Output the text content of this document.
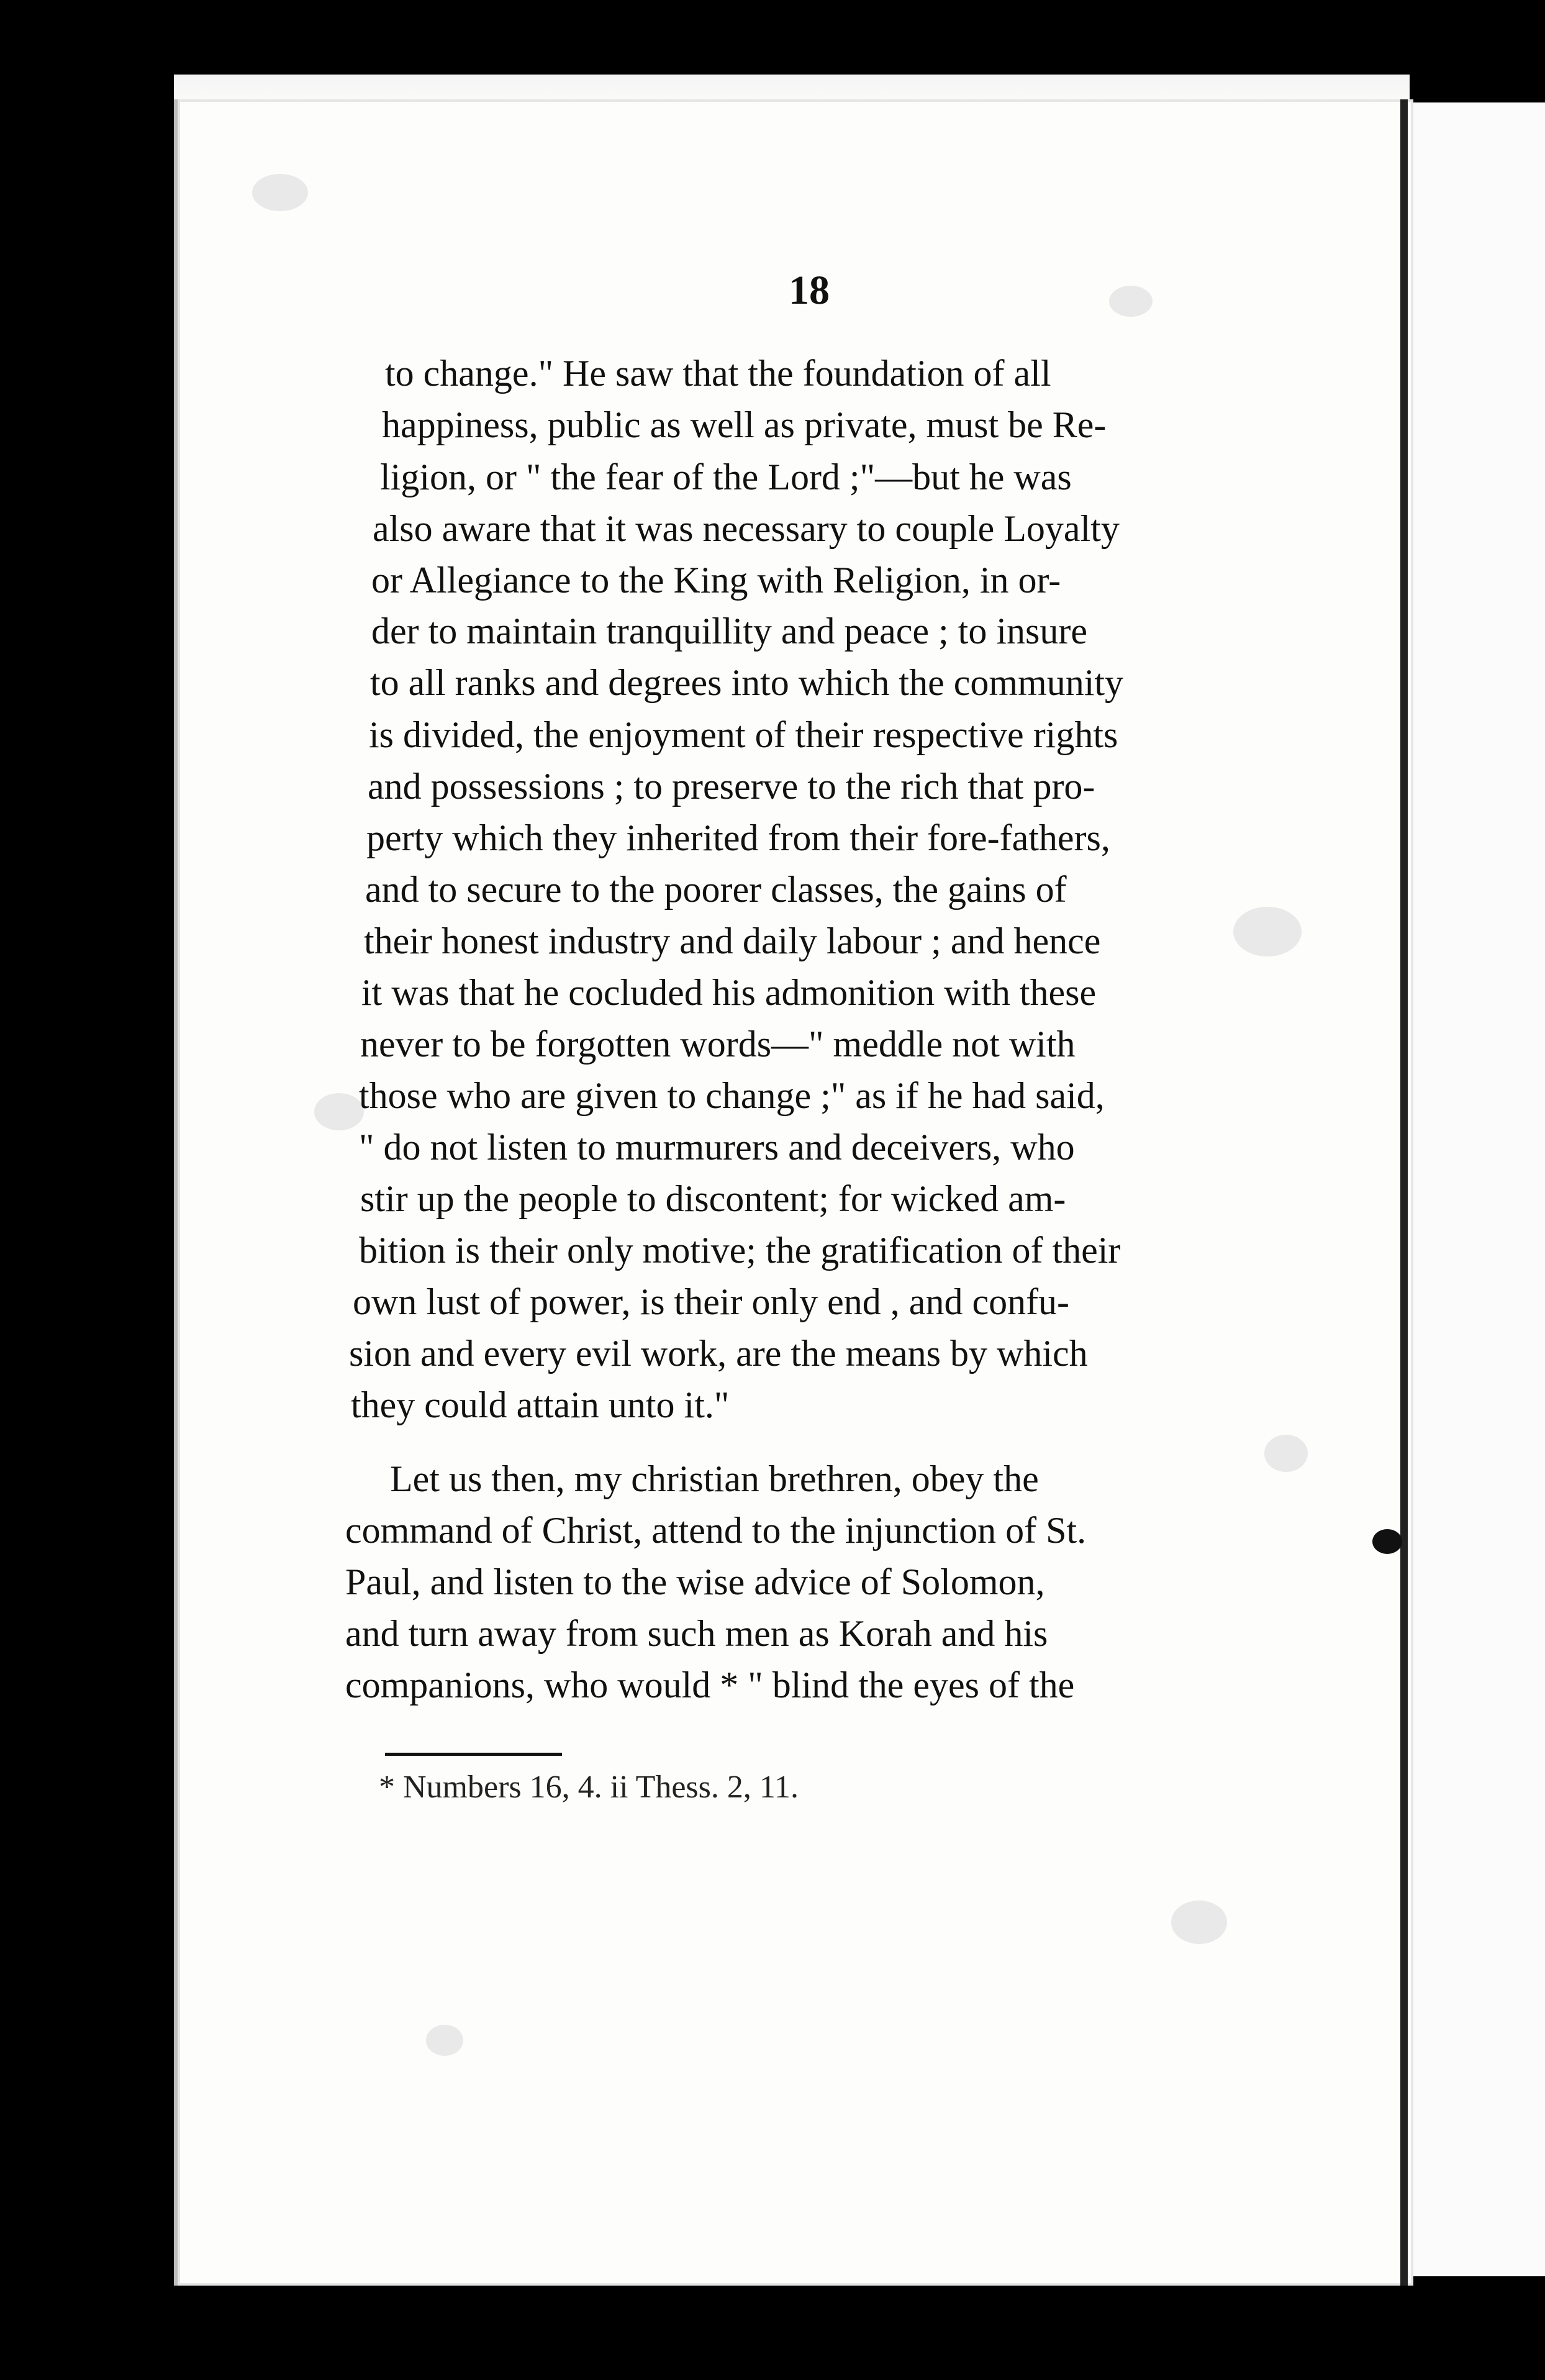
18
to change." He saw that the foundation of all
happiness, public as well as private, must be Re-
ligion, or " the fear of the Lord ;"—but he was
also aware that it was necessary to couple Loyalty
or Allegiance to the King with Religion, in or-
der to maintain tranquillity and peace ; to insure
to all ranks and degrees into which the community
is divided, the enjoyment of their respective rights
and possessions ; to preserve to the rich that pro-
perty which they inherited from their fore-fathers,
and to secure to the poorer classes, the gains of
their honest industry and daily labour ; and hence
it was that he cocluded his admonition with these
never to be forgotten words—" meddle not with
those who are given to change ;" as if he had said,
" do not listen to murmurers and deceivers, who
stir up the people to discontent; for wicked am-
bition is their only motive; the gratification of their
own lust of power, is their only end , and confu-
sion and every evil work, are the means by which
they could attain unto it."
Let us then, my christian brethren, obey the
command of Christ, attend to the injunction of St.
Paul, and listen to the wise advice of Solomon,
and turn away from such men as Korah and his
companions, who would * " blind the eyes of the
* Numbers 16, 4. ii Thess. 2, 11.
